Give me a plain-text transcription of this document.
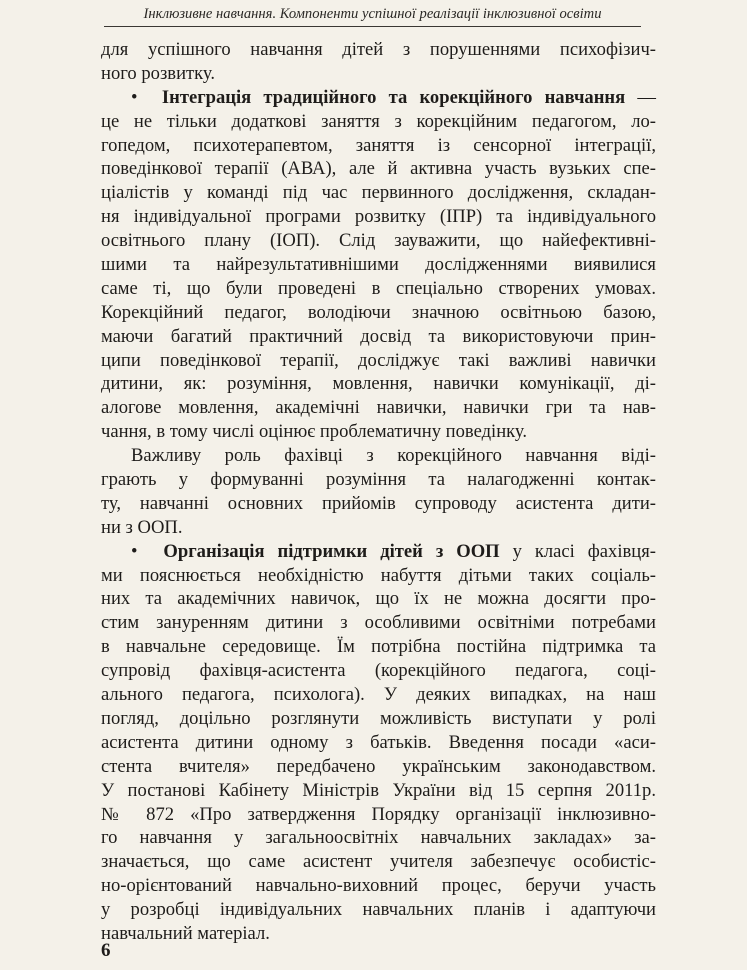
Інклюзивне навчання. Компоненти успішної реалізації інклюзивної освіти
для успішного навчання дітей з порушеннями психофізич-
ного розвитку.
• Інтеграція традиційного та корекційного навчання —
це не тільки додаткові заняття з корекційним педагогом, ло-
гопедом, психотерапевтом, заняття із сенсорної інтеграції,
поведінкової терапії (АВА), але й активна участь вузьких спе-
ціалістів у команді під час первинного дослідження, складан-
ня індивідуальної програми розвитку (ІПР) та індивідуального
освітнього плану (ІОП). Слід зауважити, що найефективні-
шими та найрезультативнішими дослідженнями виявилися
саме ті, що були проведені в спеціально створених умовах.
Корекційний педагог, володіючи значною освітньою базою,
маючи багатий практичний досвід та використовуючи прин-
ципи поведінкової терапії, досліджує такі важливі навички
дитини, як: розуміння, мовлення, навички комунікації, ді-
алогове мовлення, академічні навички, навички гри та нав-
чання, в тому числі оцінює проблематичну поведінку.
Важливу роль фахівці з корекційного навчання віді-
грають у формуванні розуміння та налагодженні контак-
ту, навчанні основних прийомів супроводу асистента дити-
ни з ООП.
• Організація підтримки дітей з ООП у класі фахівця-
ми пояснюється необхідністю набуття дітьми таких соціаль-
них та академічних навичок, що їх не можна досягти про-
стим зануренням дитини з особливими освітніми потребами
в навчальне середовище. Їм потрібна постійна підтримка та
супровід фахівця-асистента (корекційного педагога, соці-
ального педагога, психолога). У деяких випадках, на наш
погляд, доцільно розглянути можливість виступати у ролі
асистента дитини одному з батьків. Введення посади «аси-
стента вчителя» передбачено українським законодавством.
У постанові Кабінету Міністрів України від 15 серпня 2011р.
№ 872 «Про затвердження Порядку організації інклюзивно-
го навчання у загальноосвітніх навчальних закладах» за-
значається, що саме асистент учителя забезпечує особистіс-
но-орієнтований навчально-виховний процес, беручи участь
у розробці індивідуальних навчальних планів і адаптуючи
навчальний матеріал.
6
